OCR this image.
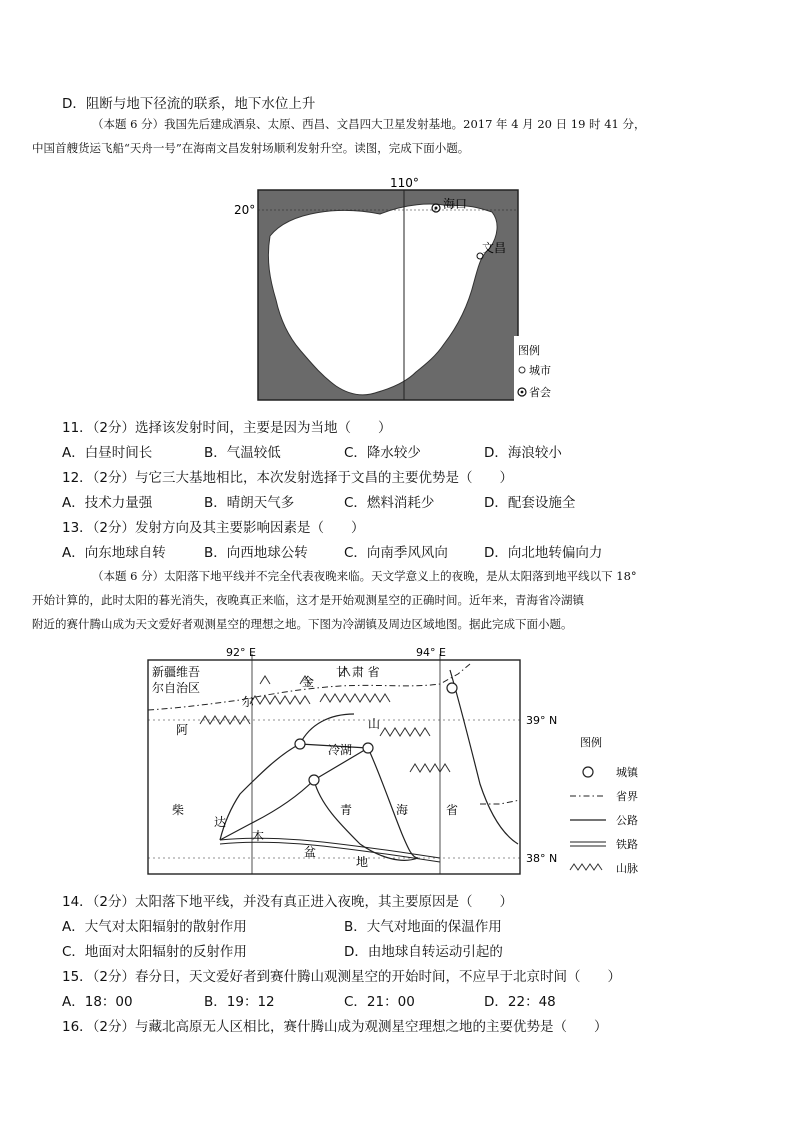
D．阻断与地下径流的联系，地下水位上升
（本题 6 分）我国先后建成酒泉、太原、西昌、文昌四大卫星发射基地。2017 年 4 月 20 日 19 时 41 分，
中国首艘货运飞船“天舟一号”在海南文昌发射场顺利发射升空。读图，完成下面小题。
110°
20°	海口
文昌
图例
城市
省会
11．（2分）选择该发射时间，主要是因为当地（　　）
A．白昼时间长	B．气温较低	C．降水较少	D．海浪较小
12．（2分）与它三大基地相比，本次发射选择于文昌的主要优势是（　　）
A．技术力量强	B．晴朗天气多	C．燃料消耗少	D．配套设施全
13．（2分）发射方向及其主要影响因素是（　　）
A．向东地球自转	B．向西地球公转	C．向南季风风向	D．向北地转偏向力
（本题 6 分）太阳落下地平线并不完全代表夜晚来临。天文学意义上的夜晚，是从太阳落到地平线以下 18°
开始计算的，此时太阳的暮光消失，夜晚真正来临，这才是开始观测星空的正确时间。近年来，青海省冷湖镇
附近的赛什腾山成为天文爱好者观测星空的理想之地。下图为冷湖镇及周边区域地图。据此完成下面小题。
92° E	94° E
39° N
38° N
新疆维吾
尔自治区
甘 肃 省
阿
尔
金
山
冷湖
柴
达
木
盆
地
青	海	省
图例
城镇
省界
公路
铁路
山脉
14．（2分）太阳落下地平线，并没有真正进入夜晚，其主要原因是（　　）
A．大气对太阳辐射的散射作用	B．大气对地面的保温作用
C．地面对太阳辐射的反射作用	D．由地球自转运动引起的
15．（2分）春分日，天文爱好者到赛什腾山观测星空的开始时间，不应早于北京时间（　　）
A．18：00	B．19：12	C．21：00	D．22：48
16．（2分）与藏北高原无人区相比，赛什腾山成为观测星空理想之地的主要优势是（　　）
